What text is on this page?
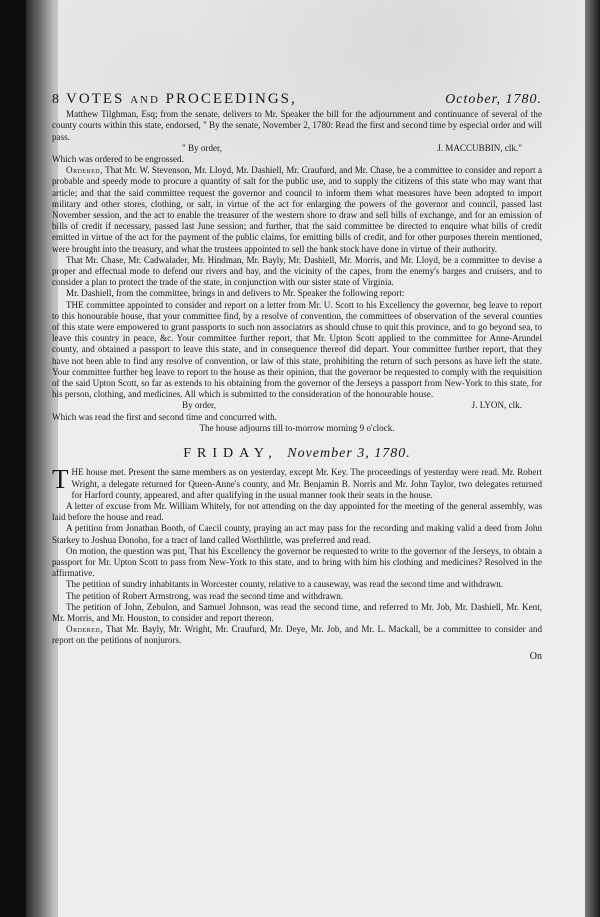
8 VOTES and PROCEEDINGS,	October, 1780.

Matthew Tilghman, Esq; from the senate, delivers to Mr. Speaker the bill for the adjournment and continuance of several of the county courts within this state, endorsed, " By the senate, November 2, 1780: Read the first and second time by especial order and will pass.

" By order,	J. MACCUBBIN, clk."

Which was ordered to be engrossed.

Ordered, That Mr. W. Stevenson, Mr. Lloyd, Mr. Dashiell, Mr. Craufurd, and Mr. Chase, be a committee to consider and report a probable and speedy mode to procure a quantity of salt for the public use, and to supply the citizens of this state who may want that article; and that the said committee request the governor and council to inform them what measures have been adopted to import military and other stores, clothing, or salt, in virtue of the act for enlarging the powers of the governor and council, passed last November session, and the act to enable the treasurer of the western shore to draw and sell bills of exchange, and for an emission of bills of credit if necessary, passed last June session; and further, that the said committee be directed to enquire what bills of credit emitted in virtue of the act for the payment of the public claims, for emitting bills of credit, and for other purposes therein mentioned, were brought into the treasury, and what the trustees appointed to sell the bank stock have done in virtue of their authority.

That Mr. Chase, Mr. Cadwalader, Mr. Hindman, Mr. Bayly, Mr. Dashiell, Mr. Morris, and Mr. Lloyd, be a committee to devise a proper and effectual mode to defend our rivers and bay, and the vicinity of the capes, from the enemy's barges and cruisers, and to consider a plan to protect the trade of the state, in conjunction with our sister state of Virginia.

Mr. Dashiell, from the committee, brings in and delivers to Mr. Speaker the following report:

THE committee appointed to consider and report on a letter from Mr. U. Scott to his Excellency the governor, beg leave to report to this honourable house, that your committee find, by a resolve of convention, the committees of observation of the several counties of this state were empowered to grant passports to such non associators as should chuse to quit this province, and to go beyond sea, to leave this country in peace, &c. Your committee further report, that Mr. Upton Scott applied to the committee for Anne-Arundel county, and obtained a passport to leave this state, and in consequence thereof did depart. Your committee further report, that they have not been able to find any resolve of convention, or law of this state, prohibiting the return of such persons as have left the state. Your committee further beg leave to report to the house as their opinion, that the governor be requested to comply with the requisition of the said Upton Scott, so far as extends to his obtaining from the governor of the Jerseys a passport from New-York to this state, for his person, clothing, and medicines. All which is submitted to the consideration of the honourable house.

By order,	J. LYON, clk.

Which was read the first and second time and concurred with.

The house adjourns till to-morrow morning 9 o'clock.
FRIDAY, November 3, 1780.

THE house met. Present the same members as on yesterday, except Mr. Key. The proceedings of yesterday were read. Mr. Robert Wright, a delegate returned for Queen-Anne's county, and Mr. Benjamin B. Norris and Mr. John Taylor, two delegates returned for Harford county, appeared, and after qualifying in the usual manner took their seats in the house.

A letter of excuse from Mr. William Whitely, for not attending on the day appointed for the meeting of the general assembly, was laid before the house and read.

A petition from Jonathan Booth, of Caecil county, praying an act may pass for the recording and making valid a deed from John Starkey to Joshua Donoho, for a tract of land called Worthlittle, was preferred and read.

On motion, the question was put, That his Excellency the governor be requested to write to the governor of the Jerseys, to obtain a passport for Mr. Upton Scott to pass from New-York to this state, and to bring with him his clothing and medicines? Resolved in the affirmative.

The petition of sundry inhabitants in Worcester county, relative to a causeway, was read the second time and withdrawn.

The petition of Robert Armstrong, was read the second time and withdrawn.

The petition of John, Zebulon, and Samuel Johnson, was read the second time, and referred to Mr. Job, Mr. Dashiell, Mr. Kent, Mr. Morris, and Mr. Houston, to consider and report thereon.

Ordered, That Mr. Bayly, Mr. Wright, Mr. Craufurd, Mr. Deye, Mr. Job, and Mr. L. Mackall, be a committee to consider and report on the petitions of nonjurors.

On
